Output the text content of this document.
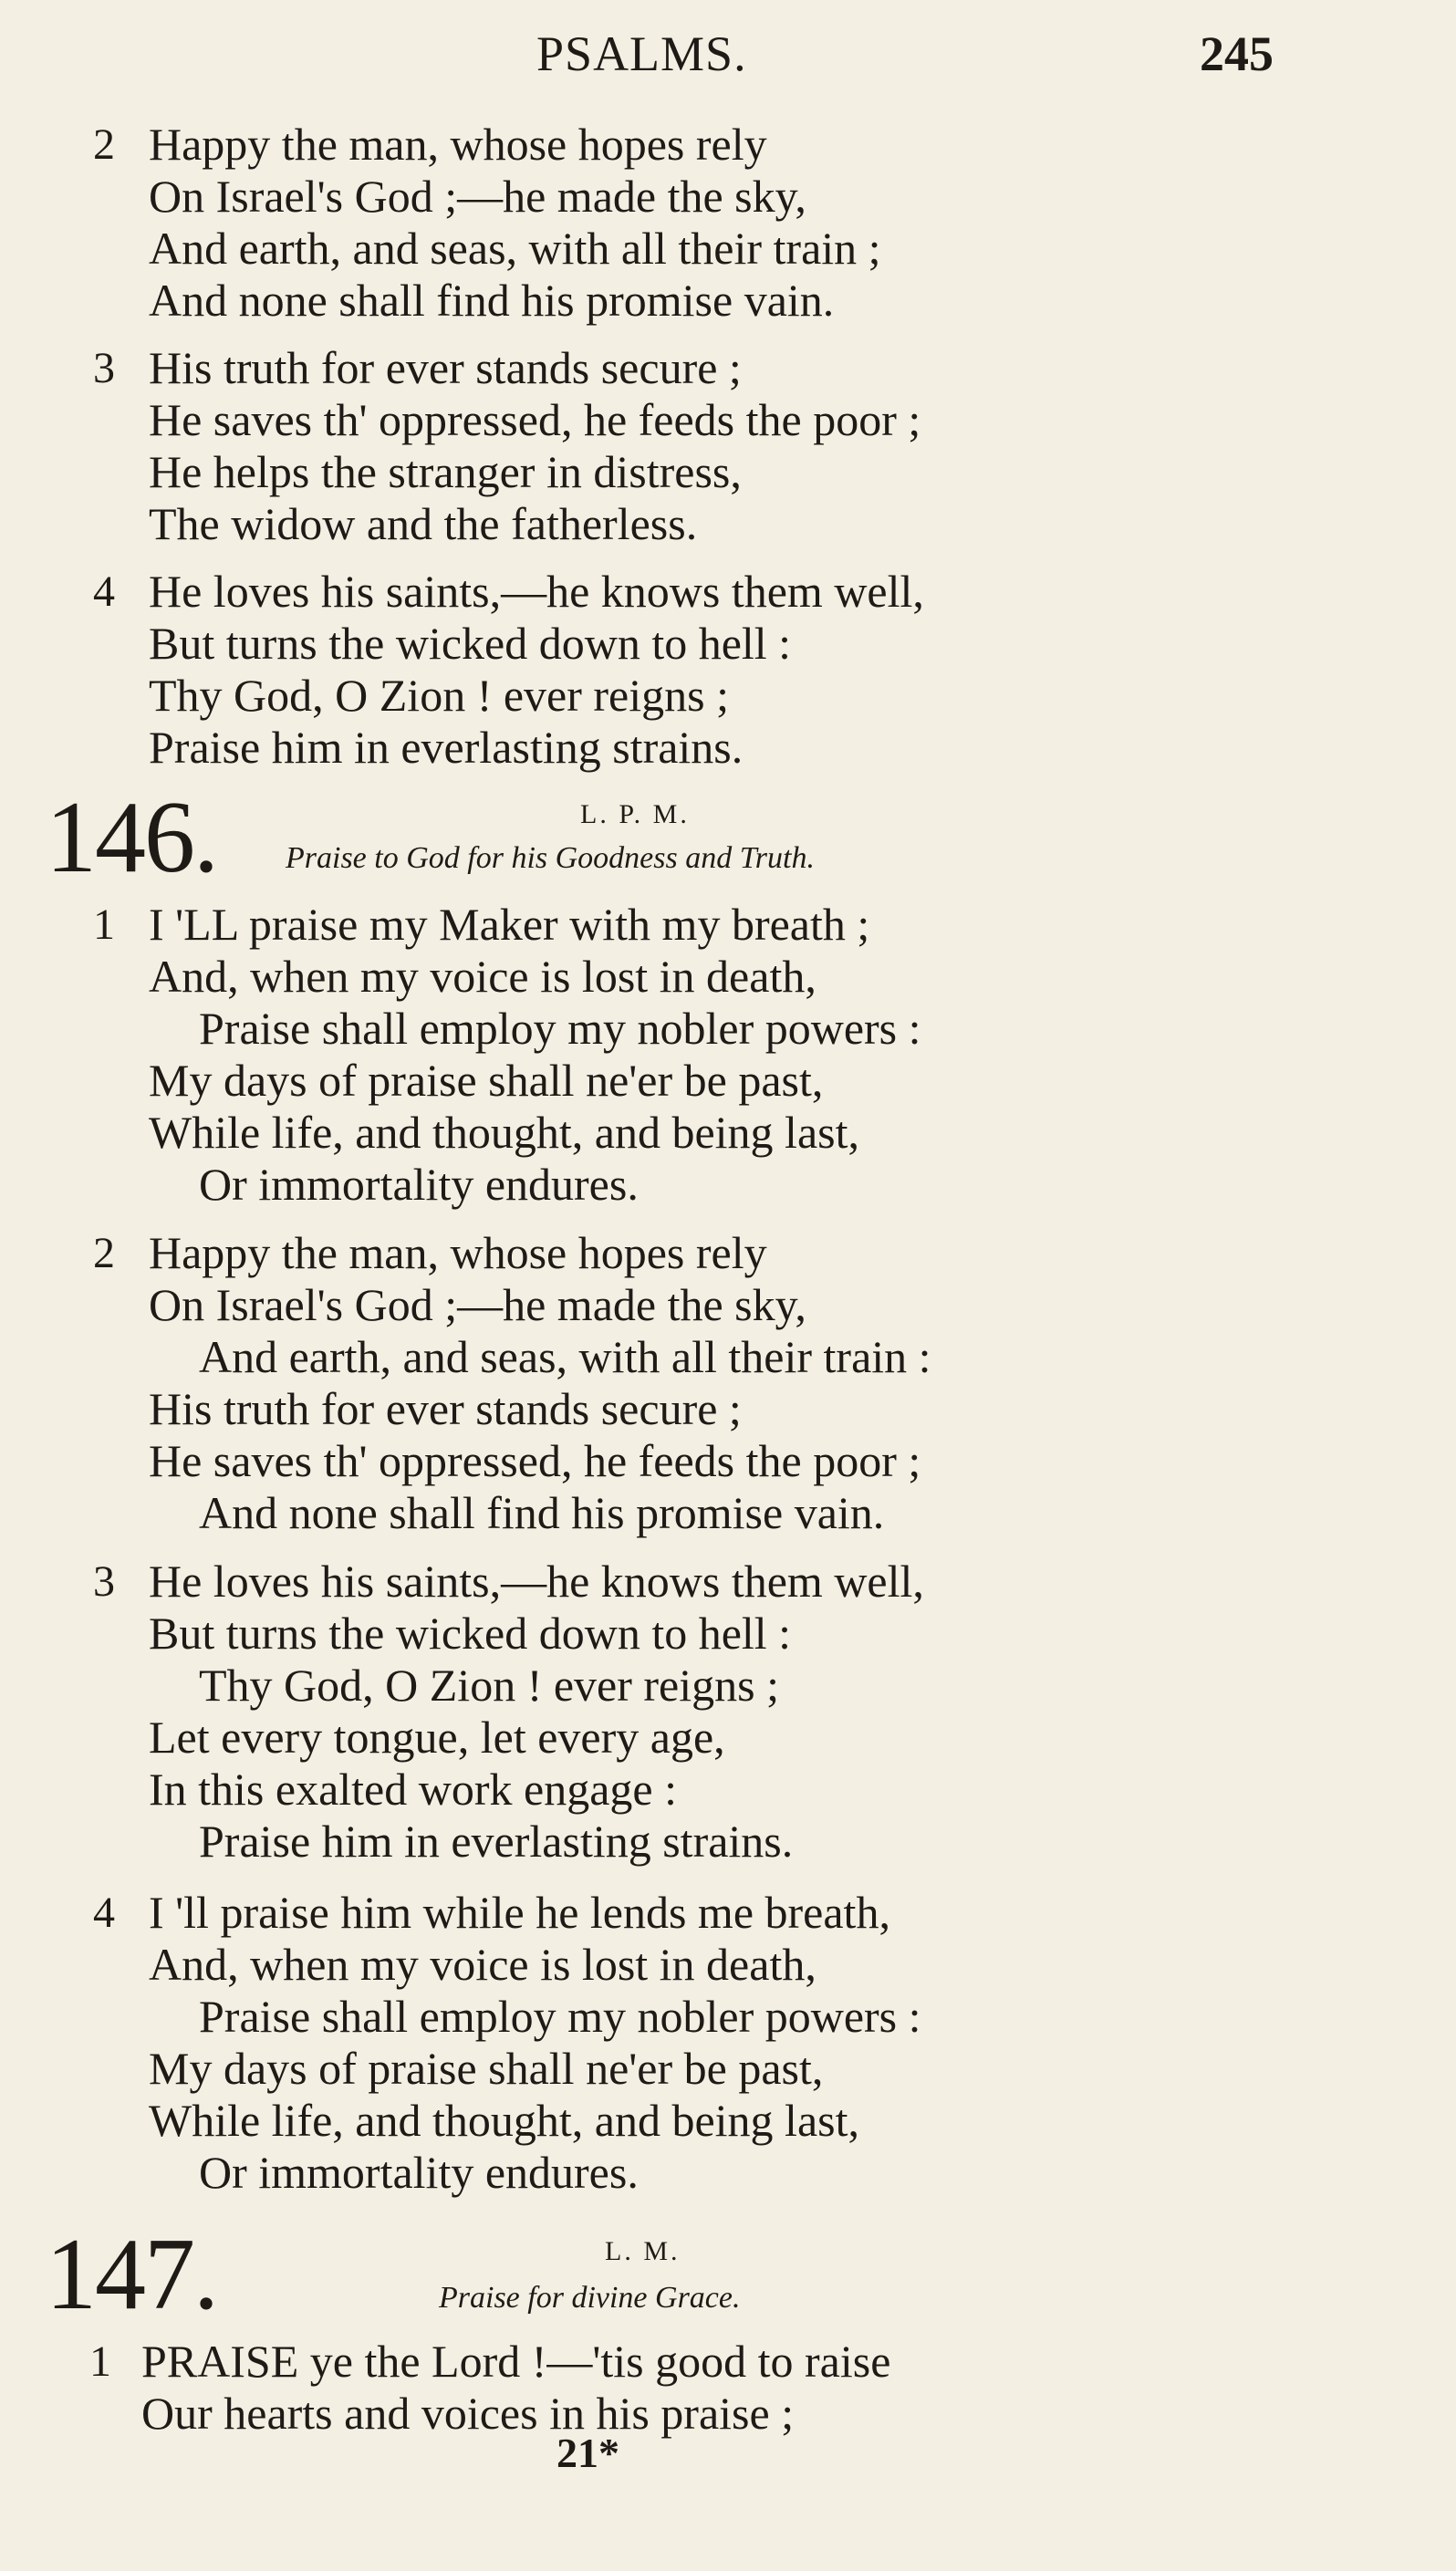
PSALMS.	245
2 Happy the man, whose hopes rely
On Israel's God ;—he made the sky,
And earth, and seas, with all their train ;
And none shall find his promise vain.
3 His truth for ever stands secure ;
He saves th' oppressed, he feeds the poor ;
He helps the stranger in distress,
The widow and the fatherless.
4 He loves his saints,—he knows them well,
But turns the wicked down to hell :
Thy God, O Zion ! ever reigns ;
Praise him in everlasting strains.
146.	L. P. M.
Praise to God for his Goodness and Truth.
1 I 'LL praise my Maker with my breath ;
And, when my voice is lost in death,
Praise shall employ my nobler powers :
My days of praise shall ne'er be past,
While life, and thought, and being last,
Or immortality endures.
2 Happy the man, whose hopes rely
On Israel's God ;—he made the sky,
And earth, and seas, with all their train :
His truth for ever stands secure ;
He saves th' oppressed, he feeds the poor ;
And none shall find his promise vain.
3 He loves his saints,—he knows them well,
But turns the wicked down to hell :
Thy God, O Zion ! ever reigns ;
Let every tongue, let every age,
In this exalted work engage :
Praise him in everlasting strains.
4 I 'll praise him while he lends me breath,
And, when my voice is lost in death,
Praise shall employ my nobler powers :
My days of praise shall ne'er be past,
While life, and thought, and being last,
Or immortality endures.
147.	L. M.
Praise for divine Grace.
1 PRAISE ye the Lord !—'tis good to raise
Our hearts and voices in his praise ;
21*
